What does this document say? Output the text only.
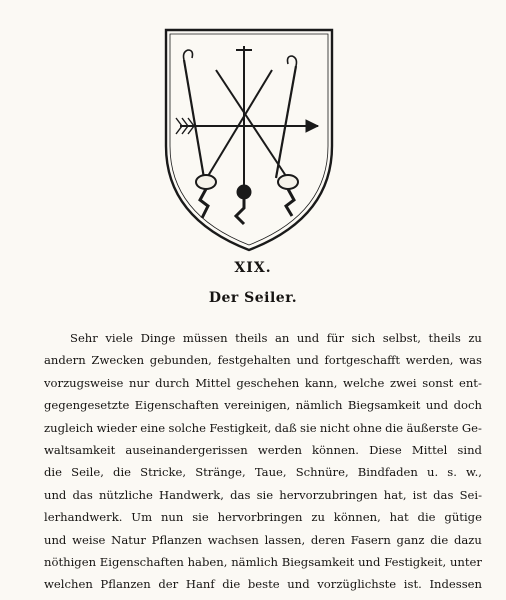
XIX.
Der Seiler.
Sehr viele Dinge müssen theils an und für sich selbst, theils zu
andern Zwecken gebunden, festgehalten und fortgeschafft werden, was
vorzugsweise nur durch Mittel geschehen kann, welche zwei sonst ent-
gegengesetzte Eigenschaften vereinigen, nämlich Biegsamkeit und doch
zugleich wieder eine solche Festigkeit, daß sie nicht ohne die äußerste Ge-
waltsamkeit auseinandergerissen werden können. Diese Mittel sind
die Seile, die Stricke, Stränge, Taue, Schnüre, Bindfaden u. s. w.,
und das nützliche Handwerk, das sie hervorzubringen hat, ist das Sei-
lerhandwerk. Um nun sie hervorbringen zu können, hat die gütige
und weise Natur Pflanzen wachsen lassen, deren Fasern ganz die dazu
nöthigen Eigenschaften haben, nämlich Biegsamkeit und Festigkeit, unter
welchen Pflanzen der Hanf die beste und vorzüglichste ist. Indessen
